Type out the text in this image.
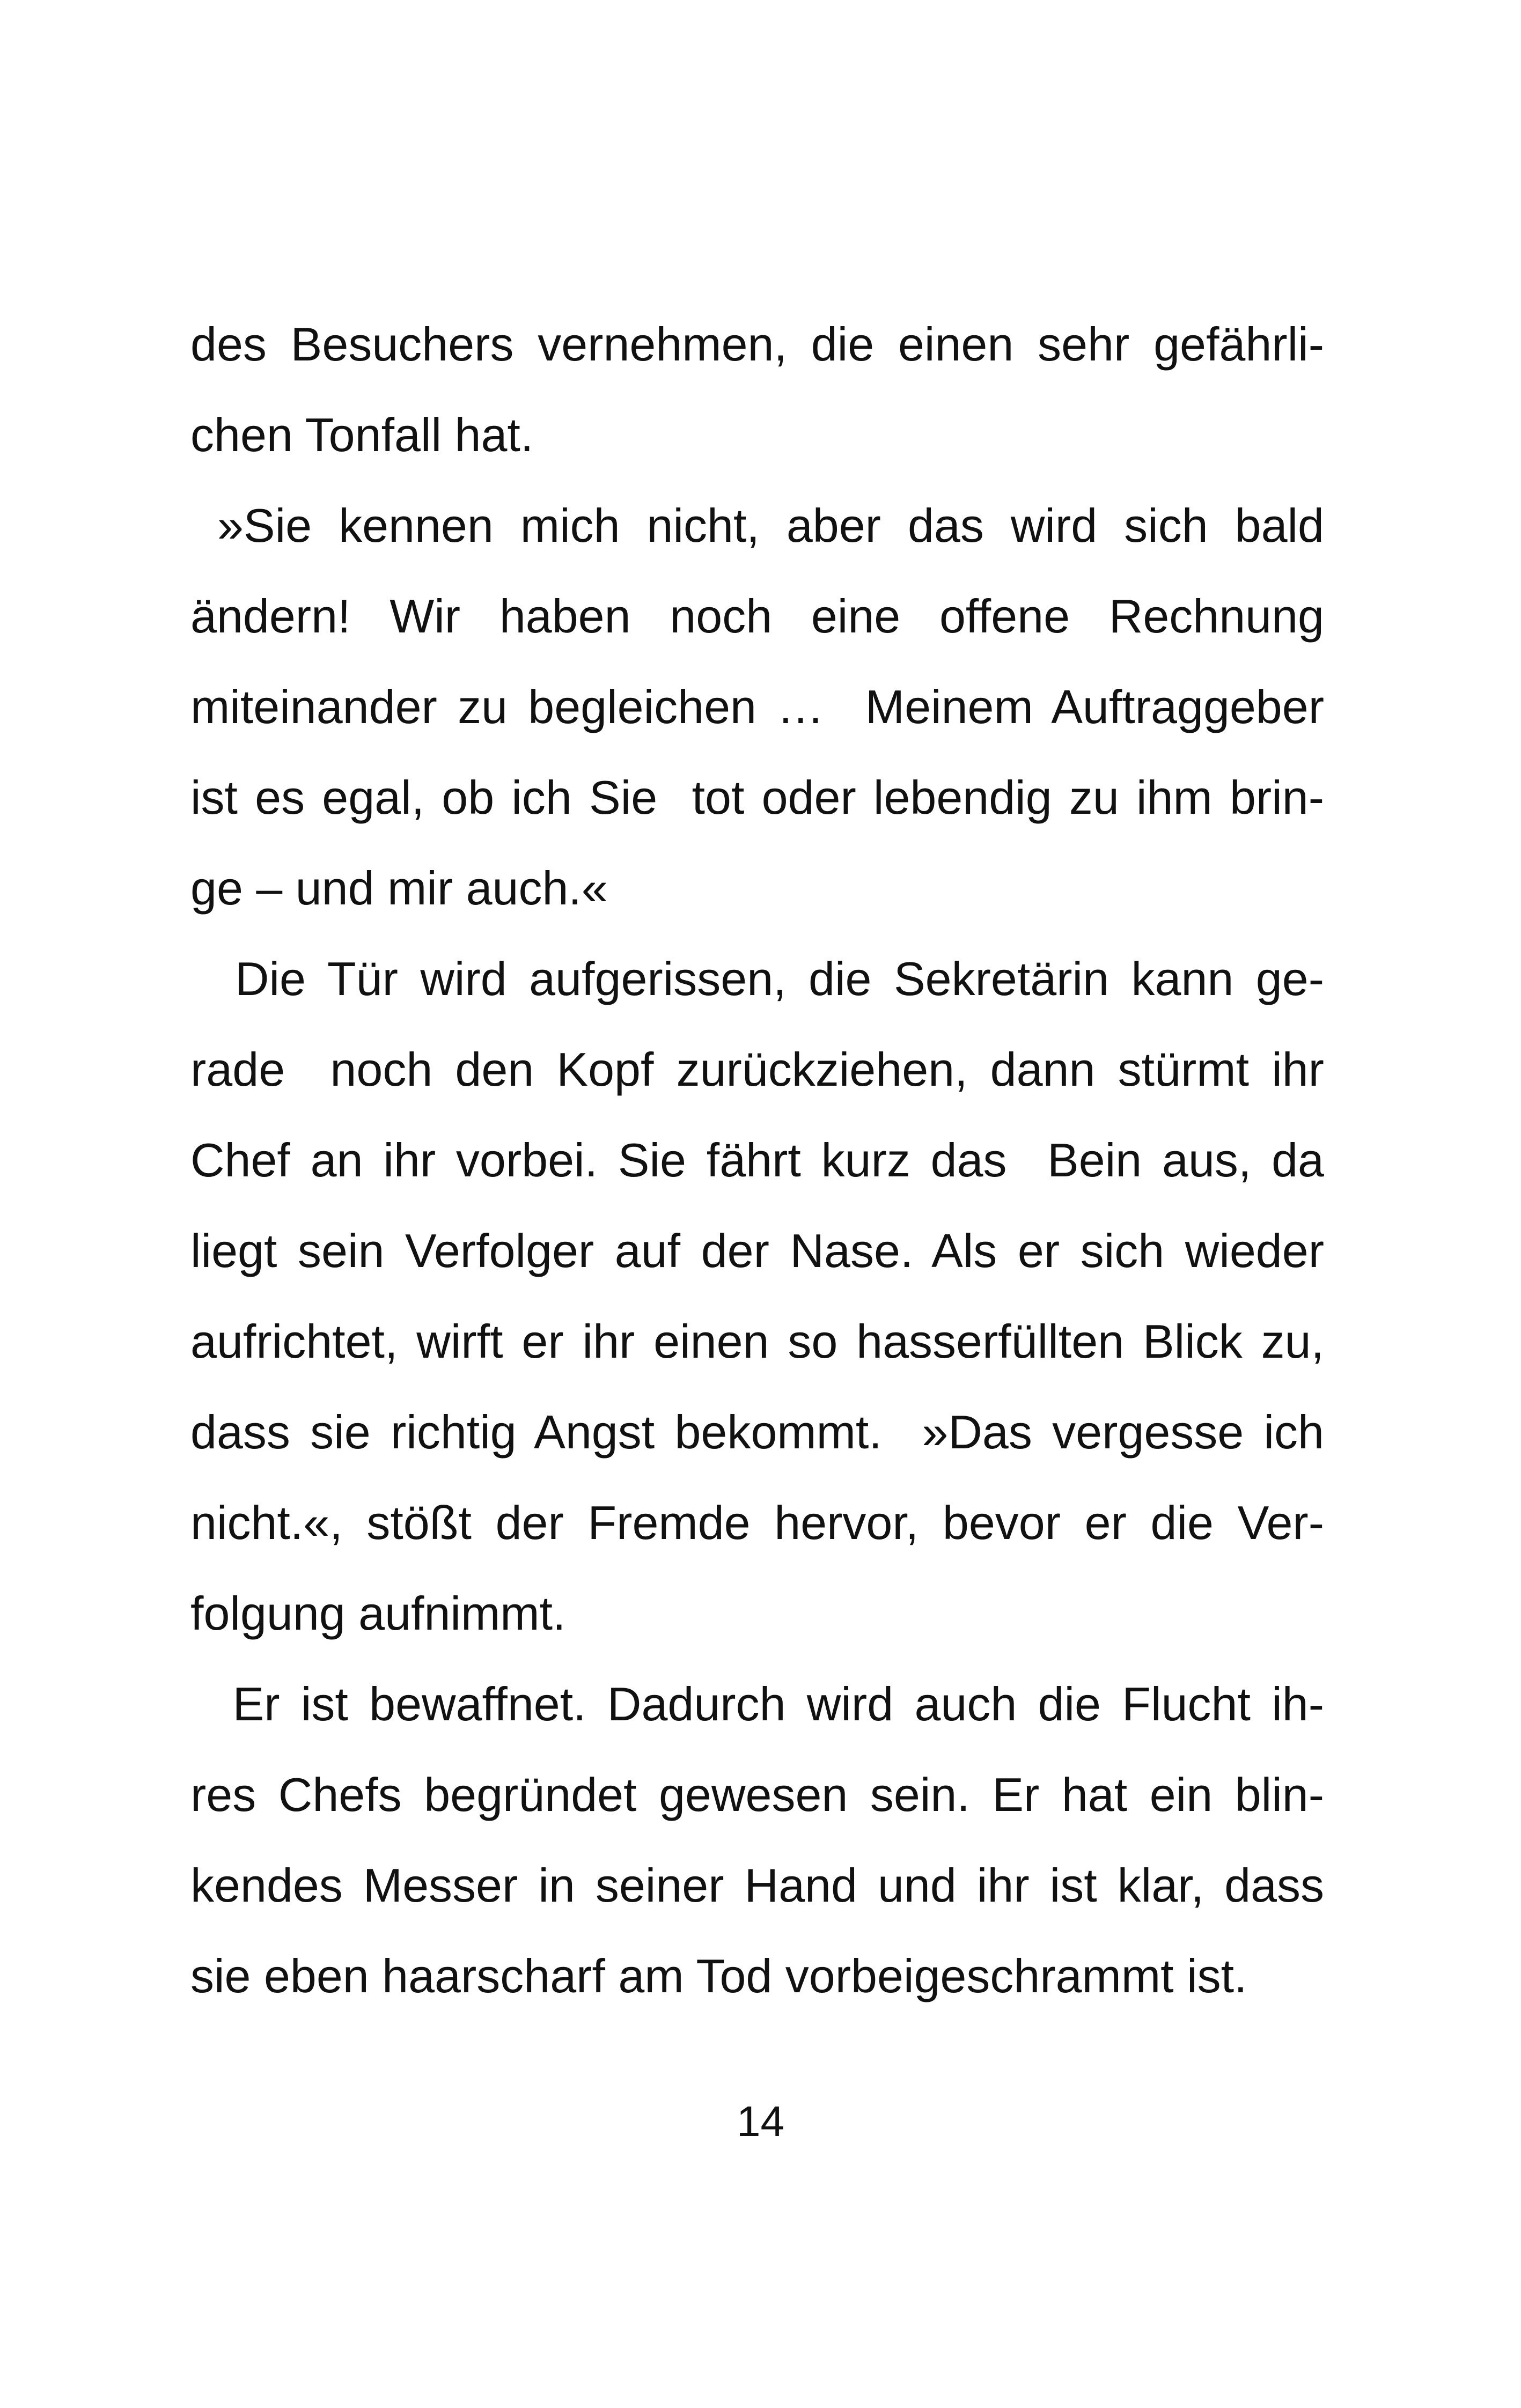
des Besuchers vernehmen, die einen sehr gefährli-
chen Tonfall hat.
»Sie kennen mich nicht, aber das wird sich bald
ändern! Wir haben noch eine offene Rechnung
miteinander zu begleichen …  Meinem Auftraggeber
ist es egal, ob ich Sie  tot oder lebendig zu ihm brin-
ge – und mir auch.«
Die Tür wird aufgerissen, die Sekretärin kann ge-
rade  noch den Kopf zurückziehen, dann stürmt ihr
Chef an ihr vorbei. Sie fährt kurz das  Bein aus, da
liegt sein Verfolger auf der Nase. Als er sich wieder
aufrichtet, wirft er ihr einen so hasserfüllten Blick zu,
dass sie richtig Angst bekommt.  »Das vergesse ich
nicht.«, stößt der Fremde hervor, bevor er die Ver-
folgung aufnimmt.
Er ist bewaffnet. Dadurch wird auch die Flucht ih-
res Chefs begründet gewesen sein. Er hat ein blin-
kendes Messer in seiner Hand und ihr ist klar, dass
sie eben haarscharf am Tod vorbeigeschrammt ist.
14
